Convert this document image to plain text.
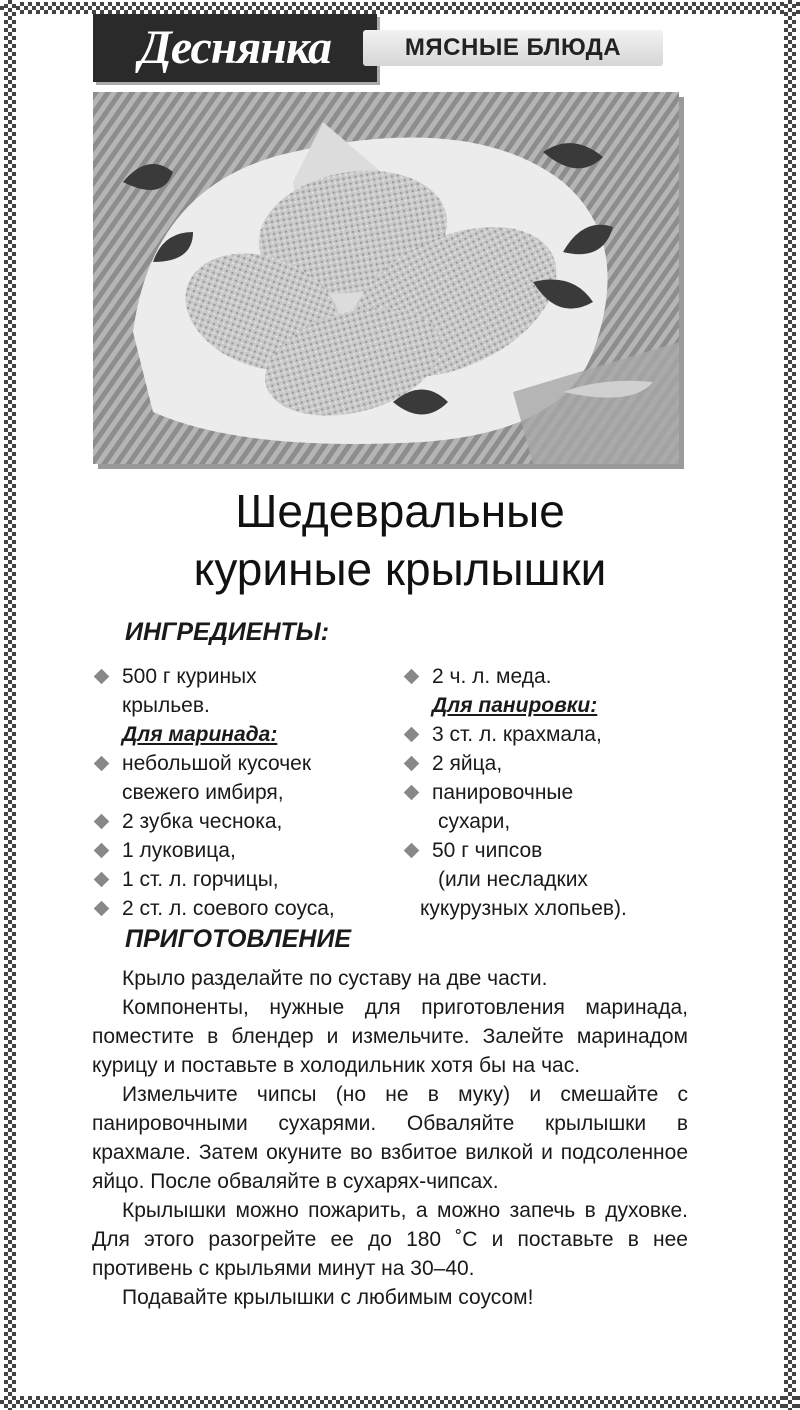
Деснянка	МЯСНЫЕ БЛЮДА
Шедевральные
куриные крылышки
ИНГРЕДИЕНТЫ:

500 г куриных

крыльев.

Для маринада:

небольшой кусочек

свежего имбиря,

2 зубка чеснока,

1 луковица,

1 ст. л. горчицы,

2 ст. л. соевого соуса,

2 ч. л. меда.

Для панировки:

3 ст. л. крахмала,

2 яйца,

панировочные

сухари,

50 г чипсов

(или несладких

кукурузных хлопьев).

ПРИГОТОВЛЕНИЕ

Крыло разделайте по суставу на две части.

Компоненты, нужные для приготовления маринада, поместите в блендер и измельчите. Залейте маринадом курицу и поставьте в холодильник хотя бы на час.

Измельчите чипсы (но не в муку) и смешайте с панировочными сухарями. Обваляйте крылышки в крахмале. Затем окуните во взбитое вилкой и подсоленное яйцо. После обваляйте в сухарях-чипсах.

Крылышки можно пожарить, а можно запечь в духовке. Для этого разогрейте ее до 180 ˚С и поставьте в нее противень с крыльями минут на 30–40.

Подавайте крылышки с любимым соусом!
